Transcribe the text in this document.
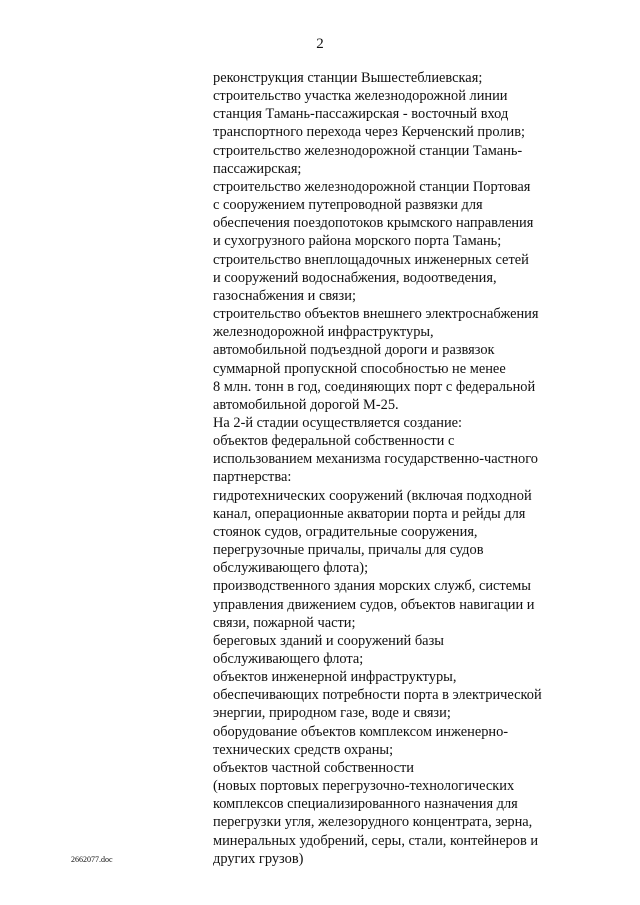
2
реконструкция станции Вышестеблиевская;
строительство участка железнодорожной линии
станция Тамань-пассажирская - восточный вход
транспортного перехода через Керченский пролив;
строительство железнодорожной станции Тамань-
пассажирская;
строительство железнодорожной станции Портовая
с сооружением путепроводной развязки для
обеспечения поездопотоков крымского направления
и сухогрузного района морского порта Тамань;
строительство внеплощадочных инженерных сетей
и сооружений водоснабжения, водоотведения,
газоснабжения и связи;
строительство объектов внешнего электроснабжения
железнодорожной инфраструктуры,
автомобильной подъездной дороги и развязок
суммарной пропускной способностью не менее
8 млн. тонн в год, соединяющих порт с федеральной
автомобильной дорогой М-25.
На 2-й стадии осуществляется создание:
объектов федеральной собственности с
использованием механизма государственно-частного
партнерства:
гидротехнических сооружений (включая подходной
канал, операционные акватории порта и рейды для
стоянок судов, оградительные сооружения,
перегрузочные причалы, причалы для судов
обслуживающего флота);
производственного здания морских служб, системы
управления движением судов, объектов навигации и
связи, пожарной части;
береговых зданий и сооружений базы
обслуживающего флота;
объектов инженерной инфраструктуры,
обеспечивающих потребности порта в электрической
энергии, природном газе, воде и связи;
оборудование объектов комплексом инженерно-
технических средств охраны;
объектов частной собственности
(новых портовых перегрузочно-технологических
комплексов специализированного назначения для
перегрузки угля, железорудного концентрата, зерна,
минеральных удобрений, серы, стали, контейнеров и
других грузов)
2662077.doc
